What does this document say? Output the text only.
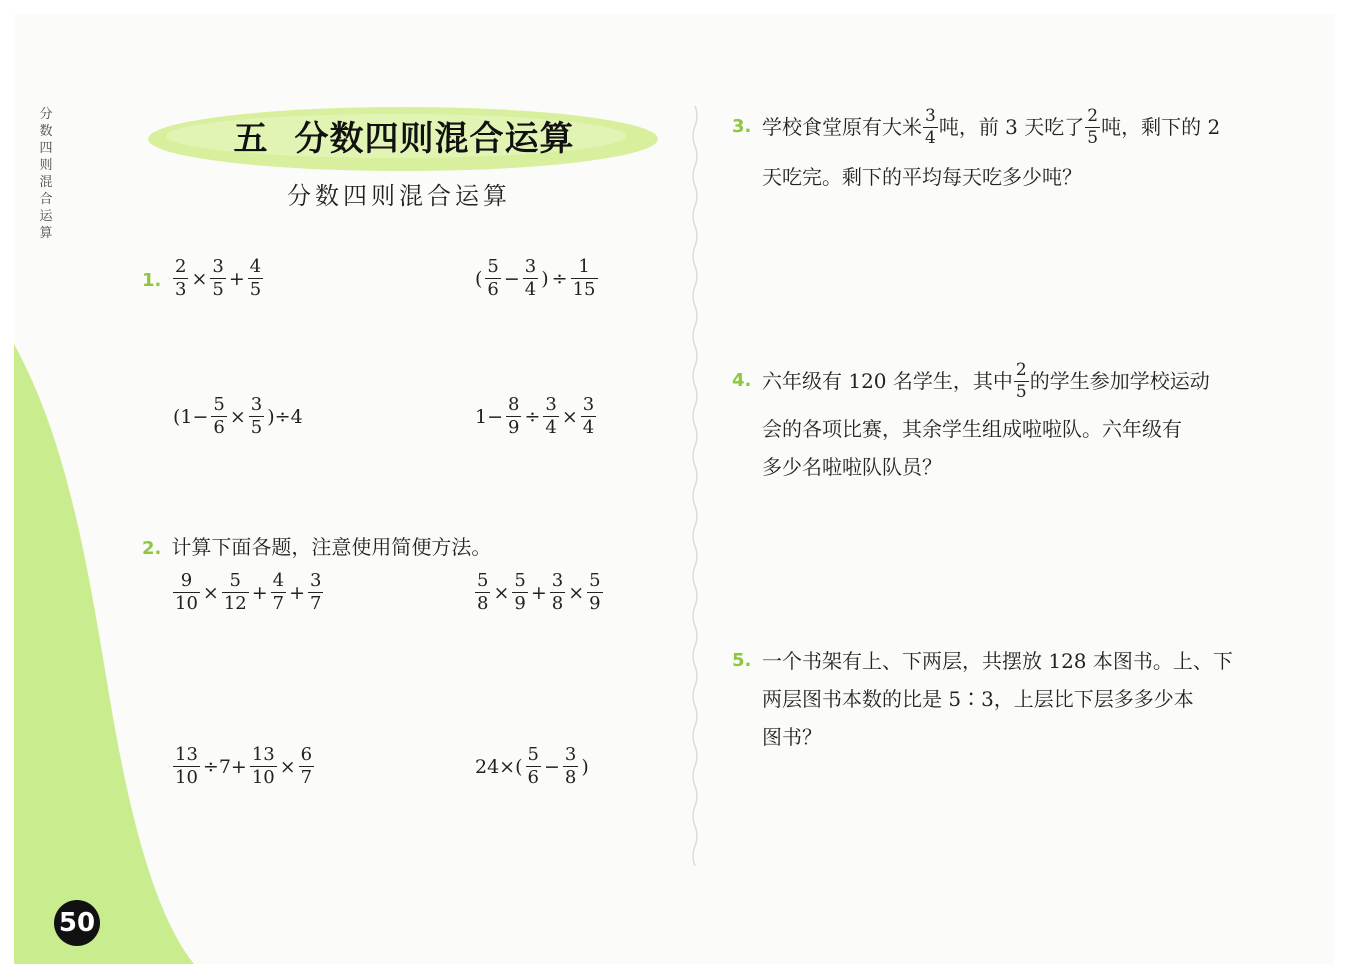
分
数
四
则
混
合
运
算
五 分数四则混合运算
分数四则混合运算
1. $\frac{2}{3} \times \frac{3}{5} + \frac{4}{5}$	( $\frac{5}{6} - \frac{3}{4}$ ) ÷ $\frac{1}{15}$
$(1- \frac{5}{6} \times \frac{3}{5} )\div 4$	$1- \frac{8}{9} \div \frac{3}{4} \times \frac{3}{4}$
2. 计算下面各题，注意使用简便方法。
$\frac{9}{10} \times \frac{5}{12} + \frac{4}{7} + \frac{3}{7}$	$\frac{5}{8} \times \frac{5}{9} + \frac{3}{8} \times \frac{5}{9}$
$\frac{13}{10} \div 7+ \frac{13}{10} \times \frac{6}{7}$	$24\times( \frac{5}{6} - \frac{3}{8}$ )
3. 学校食堂原有大米 $\frac{3}{4}$ 吨，前 3 天吃了 $\frac{2}{5}$ 吨，剩下的 2
天吃完。剩下的平均每天吃多少吨？
4. 六年级有 120 名学生，其中 $\frac{2}{5}$ 的学生参加学校运动
会的各项比赛，其余学生组成啦啦队。六年级有
多少名啦啦队队员？
5. 一个书架有上、下两层，共摆放 128 本图书。上、下
两层图书本数的比是 5∶3，上层比下层多多少本
图书？
50
